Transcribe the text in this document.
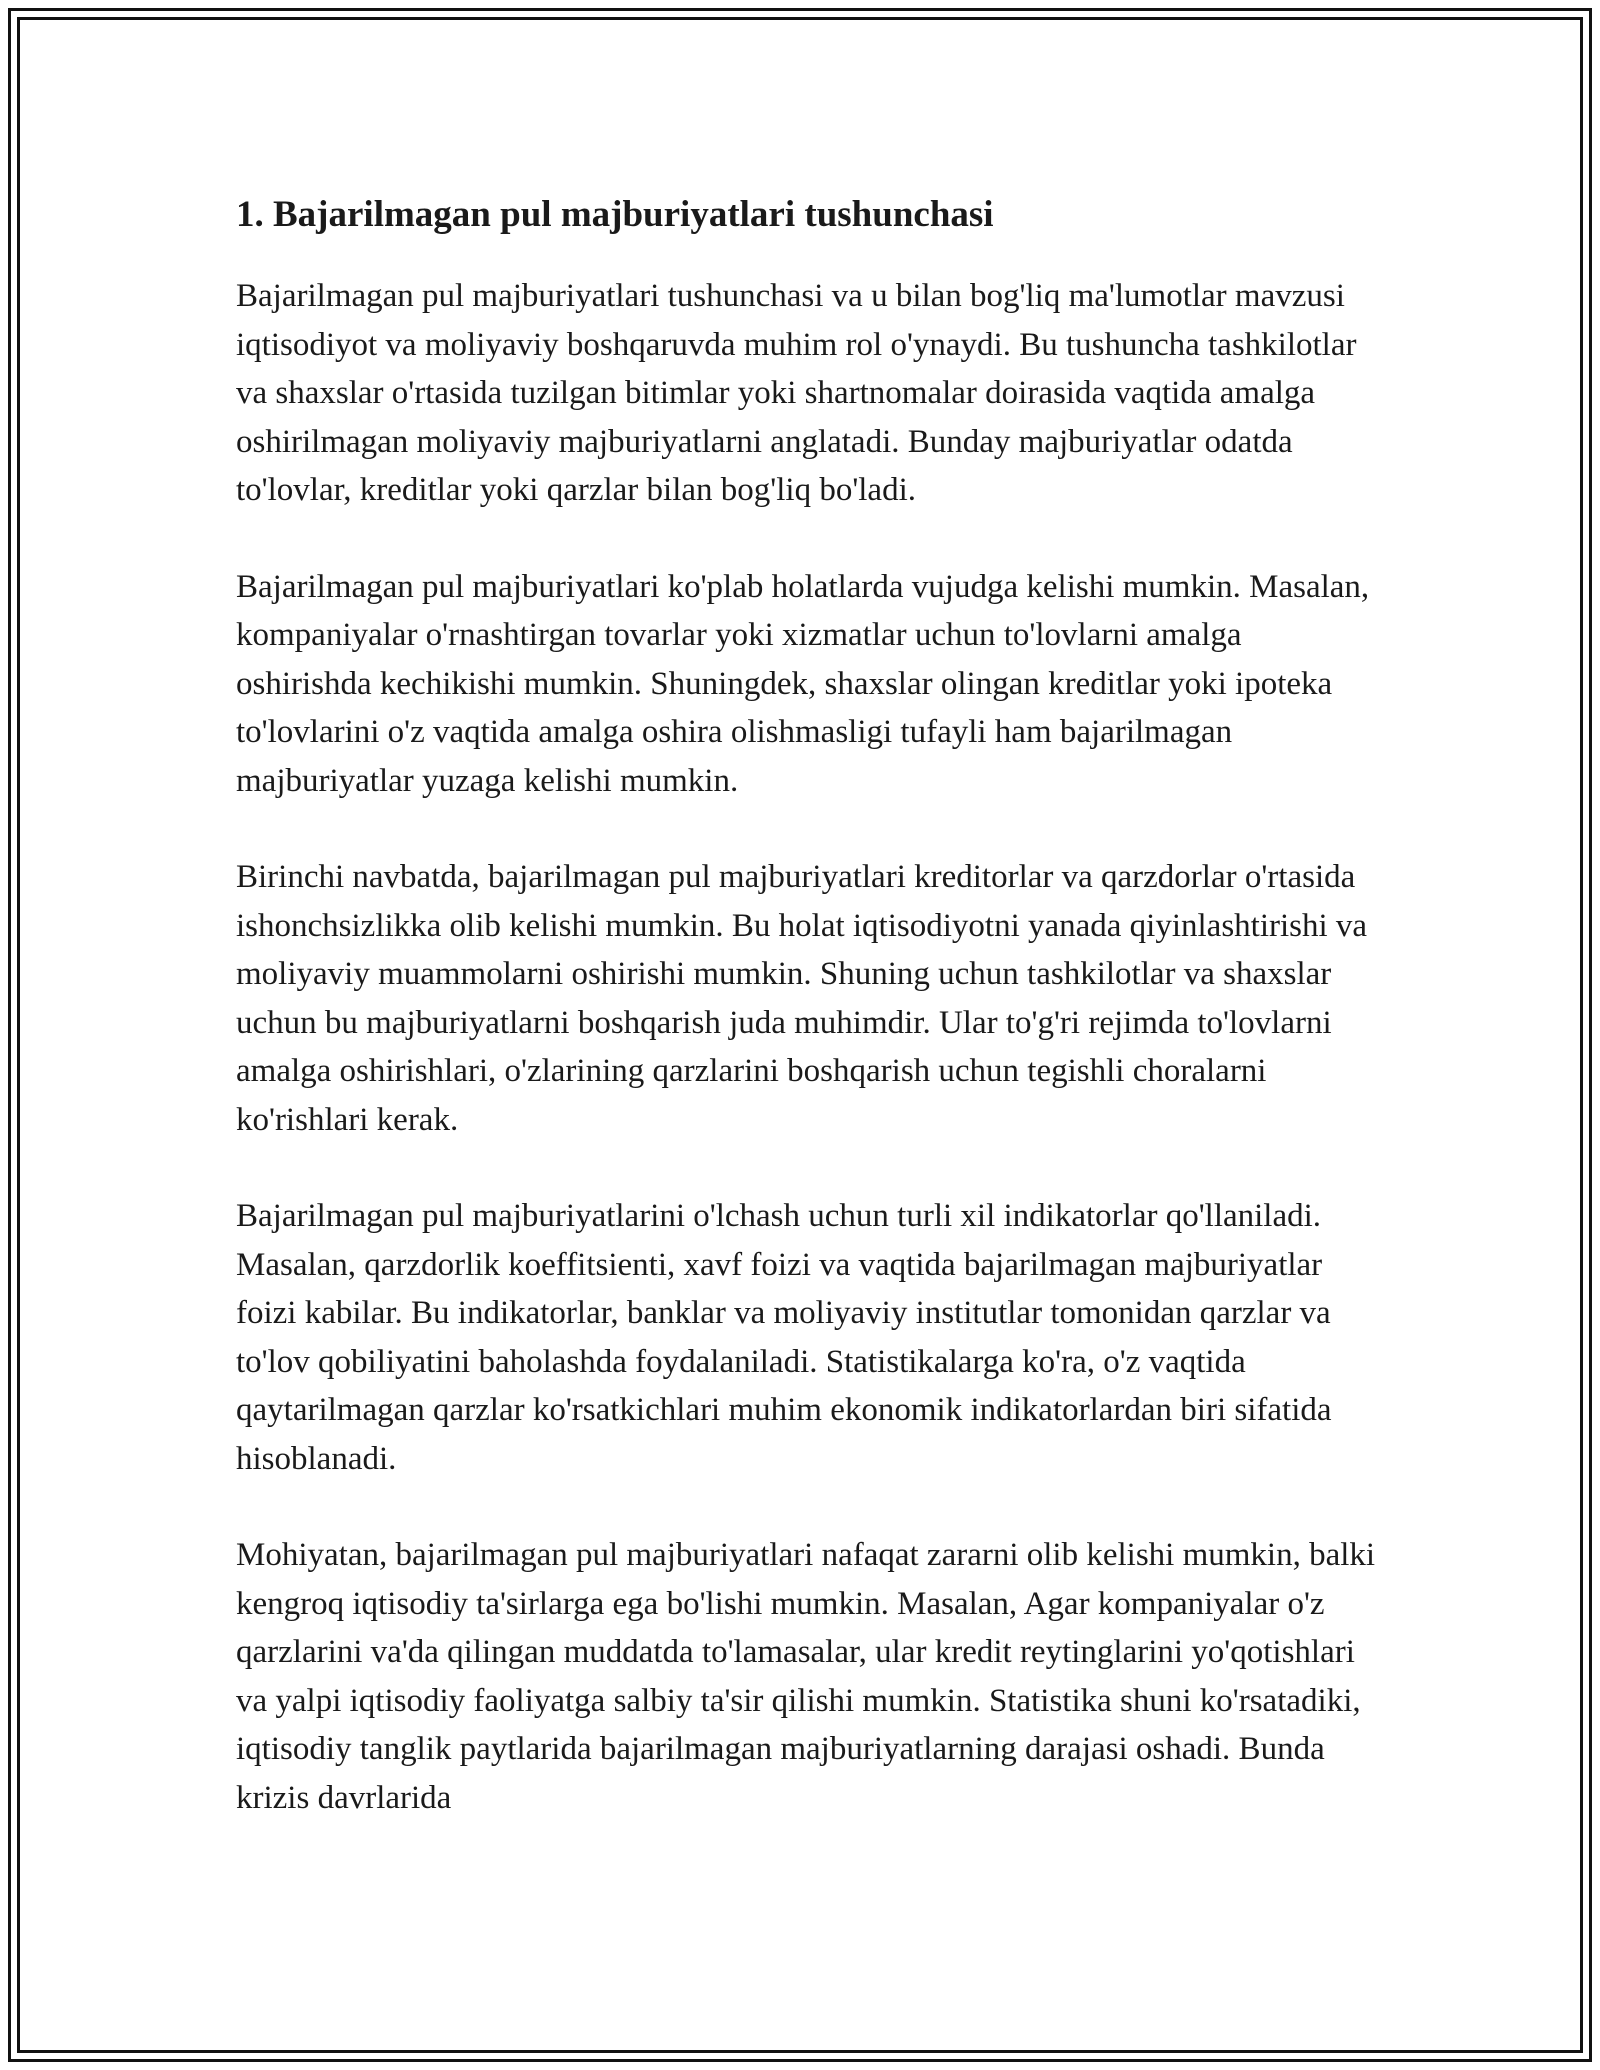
1. Bajarilmagan pul majburiyatlari tushunchasi

Bajarilmagan pul majburiyatlari tushunchasi va u bilan bog'liq ma'lumotlar mavzusi iqtisodiyot va moliyaviy boshqaruvda muhim rol o'ynaydi. Bu tushuncha tashkilotlar va shaxslar o'rtasida tuzilgan bitimlar yoki shartnomalar doirasida vaqtida amalga oshirilmagan moliyaviy majburiyatlarni anglatadi. Bunday majburiyatlar odatda to'lovlar, kreditlar yoki qarzlar bilan bog'liq bo'ladi.

Bajarilmagan pul majburiyatlari ko'plab holatlarda vujudga kelishi mumkin. Masalan, kompaniyalar o'rnashtirgan tovarlar yoki xizmatlar uchun to'lovlarni amalga oshirishda kechikishi mumkin. Shuningdek, shaxslar olingan kreditlar yoki ipoteka to'lovlarini o'z vaqtida amalga oshira olishmasligi tufayli ham bajarilmagan majburiyatlar yuzaga kelishi mumkin.

Birinchi navbatda, bajarilmagan pul majburiyatlari kreditorlar va qarzdorlar o'rtasida ishonchsizlikka olib kelishi mumkin. Bu holat iqtisodiyotni yanada qiyinlashtirishi va moliyaviy muammolarni oshirishi mumkin. Shuning uchun tashkilotlar va shaxslar uchun bu majburiyatlarni boshqarish juda muhimdir. Ular to'g'ri rejimda to'lovlarni amalga oshirishlari, o'zlarining qarzlarini boshqarish uchun tegishli choralarni ko'rishlari kerak.

Bajarilmagan pul majburiyatlarini o'lchash uchun turli xil indikatorlar qo'llaniladi. Masalan, qarzdorlik koeffitsienti, xavf foizi va vaqtida bajarilmagan majburiyatlar foizi kabilar. Bu indikatorlar, banklar va moliyaviy institutlar tomonidan qarzlar va to'lov qobiliyatini baholashda foydalaniladi. Statistikalarga ko'ra, o'z vaqtida qaytarilmagan qarzlar ko'rsatkichlari muhim ekonomik indikatorlardan biri sifatida hisoblanadi.

Mohiyatan, bajarilmagan pul majburiyatlari nafaqat zararni olib kelishi mumkin, balki kengroq iqtisodiy ta'sirlarga ega bo'lishi mumkin. Masalan, Agar kompaniyalar o'z qarzlarini va'da qilingan muddatda to'lamasalar, ular kredit reytinglarini yo'qotishlari va yalpi iqtisodiy faoliyatga salbiy ta'sir qilishi mumkin. Statistika shuni ko'rsatadiki, iqtisodiy tanglik paytlarida bajarilmagan majburiyatlarning darajasi oshadi. Bunda krizis davrlarida
